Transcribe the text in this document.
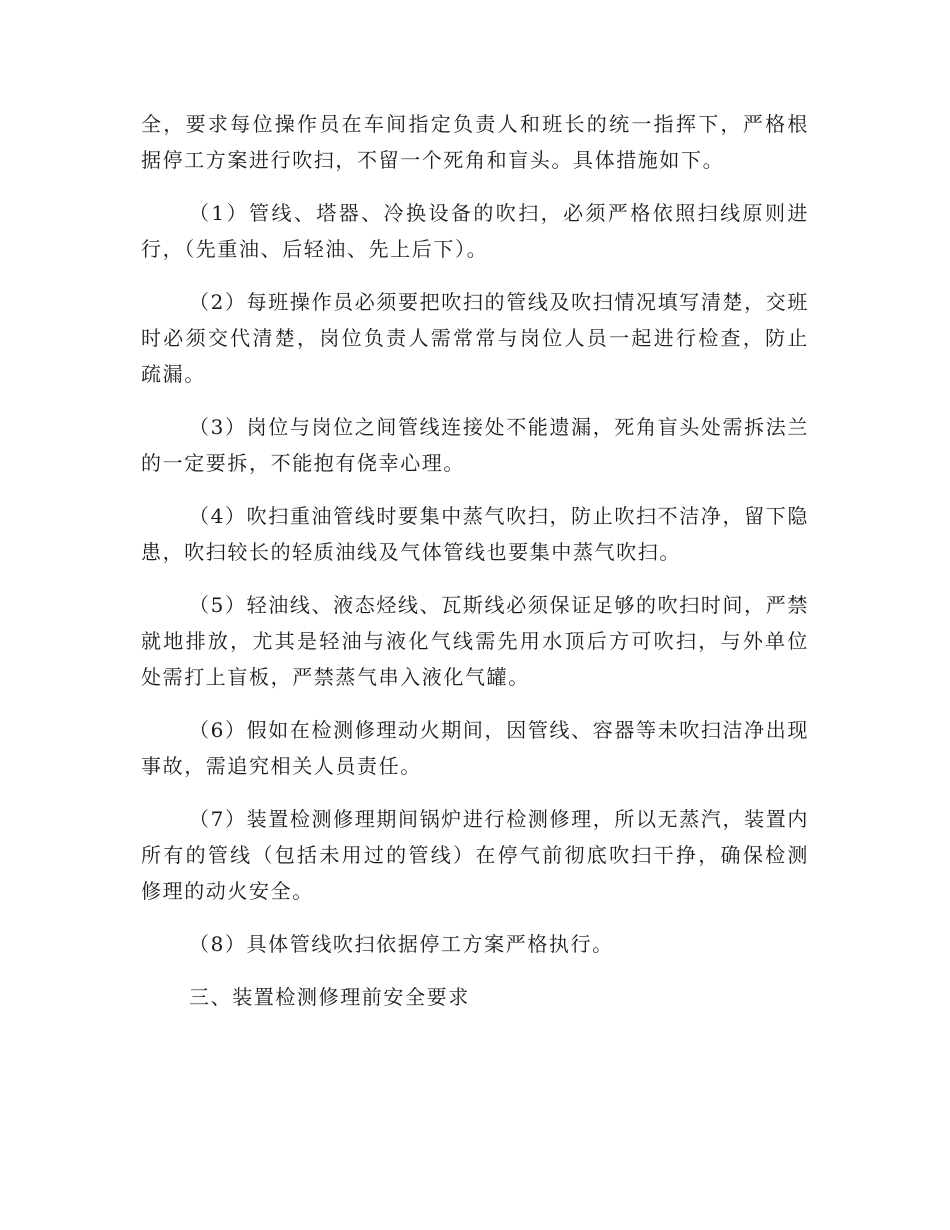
全，要求每位操作员在车间指定负责人和班长的统一指挥下，严格根据停工方案进行吹扫，不留一个死角和盲头。具体措施如下。

（1）管线、塔器、冷换设备的吹扫，必须严格依照扫线原则进行，（先重油、后轻油、先上后下）。

（2）每班操作员必须要把吹扫的管线及吹扫情况填写清楚，交班时必须交代清楚，岗位负责人需常常与岗位人员一起进行检查，防止疏漏。

（3）岗位与岗位之间管线连接处不能遗漏，死角盲头处需拆法兰的一定要拆，不能抱有侥幸心理。

（4）吹扫重油管线时要集中蒸气吹扫，防止吹扫不洁净，留下隐患，吹扫较长的轻质油线及气体管线也要集中蒸气吹扫。

（5）轻油线、液态烃线、瓦斯线必须保证足够的吹扫时间，严禁就地排放，尤其是轻油与液化气线需先用水顶后方可吹扫，与外单位处需打上盲板，严禁蒸气串入液化气罐。

（6）假如在检测修理动火期间，因管线、容器等未吹扫洁净出现事故，需追究相关人员责任。

（7）装置检测修理期间锅炉进行检测修理，所以无蒸汽，装置内所有的管线（包括未用过的管线）在停气前彻底吹扫干挣，确保检测修理的动火安全。

（8）具体管线吹扫依据停工方案严格执行。

三、装置检测修理前安全要求
